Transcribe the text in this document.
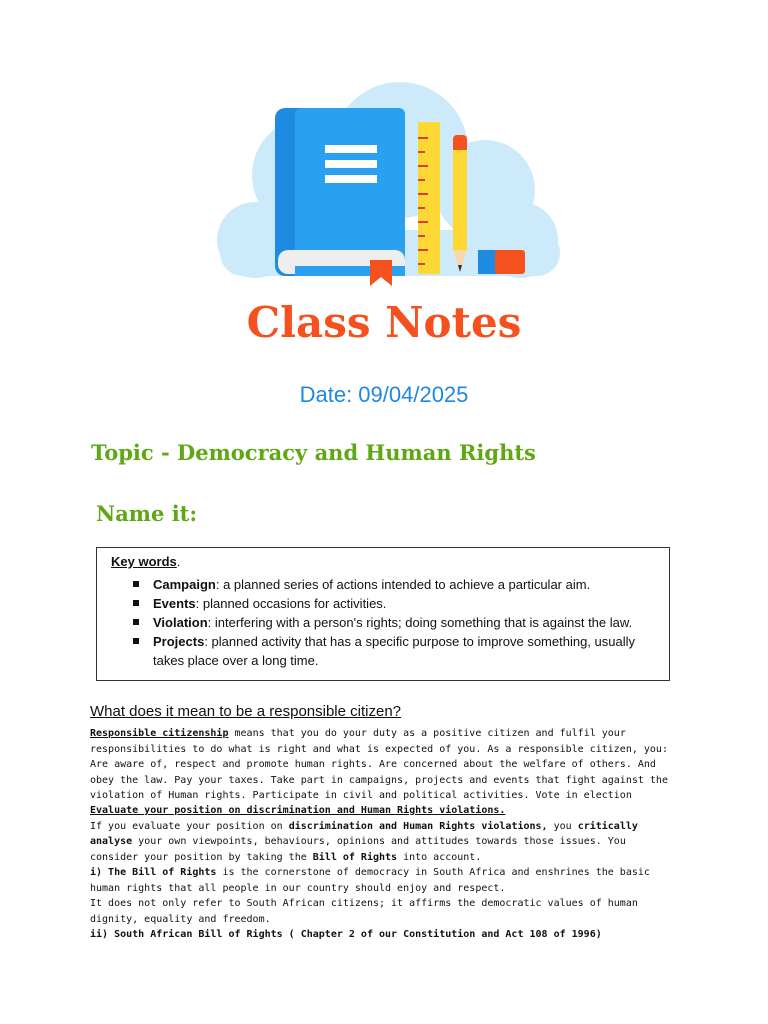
Class Notes

Date: 09/04/2025

Topic - Democracy and Human Rights
Name it:
Key words.
Campaign: a planned series of actions intended to achieve a particular aim.
Events: planned occasions for activities.
Violation: interfering with a person's rights; doing something that is against the law.
Projects: planned activity that has a specific purpose to improve something, usually takes place over a long time.

What does it mean to be a responsible citizen?

Responsible citizenship means that you do your duty as a positive citizen and fulfil your responsibilities to do what is right and what is expected of you. As a responsible citizen, you: Are aware of, respect and promote human rights. Are concerned about the welfare of others. And obey the law. Pay your taxes. Take part in campaigns, projects and events that fight against the violation of Human rights. Participate in civil and political activities. Vote in election
Evaluate your position on discrimination and Human Rights violations.
If you evaluate your position on discrimination and Human Rights violations, you critically analyse your own viewpoints, behaviours, opinions and attitudes towards those issues. You consider your position by taking the Bill of Rights into account.
i) The Bill of Rights is the cornerstone of democracy in South Africa and enshrines the basic human rights that all people in our country should enjoy and respect.
It does not only refer to South African citizens; it affirms the democratic values of human dignity, equality and freedom.
ii) South African Bill of Rights ( Chapter 2 of our Constitution and Act 108 of 1996)
